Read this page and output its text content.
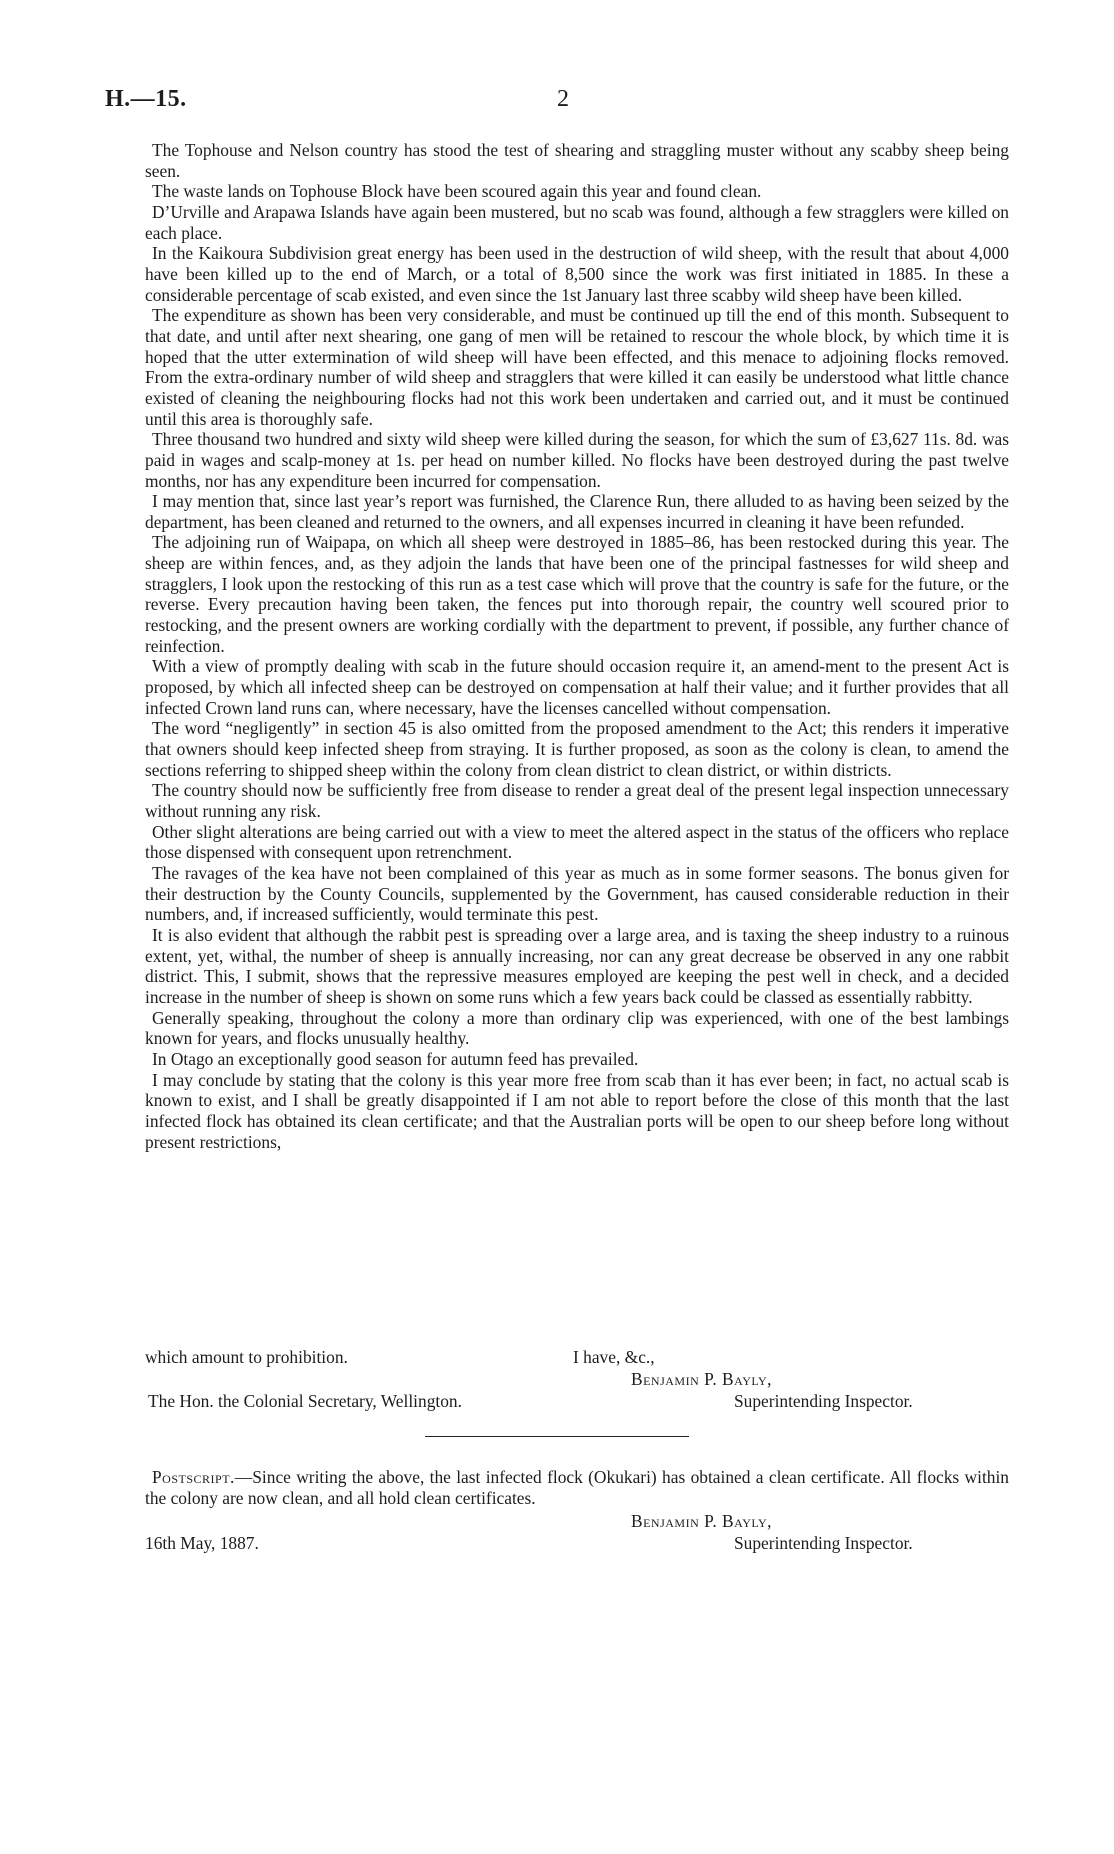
H.—15.	2

The Tophouse and Nelson country has stood the test of shearing and straggling muster without any scabby sheep being seen.

The waste lands on Tophouse Block have been scoured again this year and found clean.

D’Urville and Arapawa Islands have again been mustered, but no scab was found, although a few stragglers were killed on each place.

In the Kaikoura Subdivision great energy has been used in the destruction of wild sheep, with the result that about 4,000 have been killed up to the end of March, or a total of 8,500 since the work was first initiated in 1885. In these a considerable percentage of scab existed, and even since the 1st January last three scabby wild sheep have been killed.

The expenditure as shown has been very considerable, and must be continued up till the end of this month. Subsequent to that date, and until after next shearing, one gang of men will be retained to rescour the whole block, by which time it is hoped that the utter extermination of wild sheep will have been effected, and this menace to adjoining flocks removed. From the extra-ordinary number of wild sheep and stragglers that were killed it can easily be understood what little chance existed of cleaning the neighbouring flocks had not this work been undertaken and carried out, and it must be continued until this area is thoroughly safe.

Three thousand two hundred and sixty wild sheep were killed during the season, for which the sum of £3,627 11s. 8d. was paid in wages and scalp-money at 1s. per head on number killed. No flocks have been destroyed during the past twelve months, nor has any expenditure been incurred for compensation.

I may mention that, since last year’s report was furnished, the Clarence Run, there alluded to as having been seized by the department, has been cleaned and returned to the owners, and all expenses incurred in cleaning it have been refunded.

The adjoining run of Waipapa, on which all sheep were destroyed in 1885–86, has been restocked during this year. The sheep are within fences, and, as they adjoin the lands that have been one of the principal fastnesses for wild sheep and stragglers, I look upon the restocking of this run as a test case which will prove that the country is safe for the future, or the reverse. Every precaution having been taken, the fences put into thorough repair, the country well scoured prior to restocking, and the present owners are working cordially with the department to prevent, if possible, any further chance of reinfection.

With a view of promptly dealing with scab in the future should occasion require it, an amend-ment to the present Act is proposed, by which all infected sheep can be destroyed on compensation at half their value; and it further provides that all infected Crown land runs can, where necessary, have the licenses cancelled without compensation.

The word “negligently” in section 45 is also omitted from the proposed amendment to the Act; this renders it imperative that owners should keep infected sheep from straying. It is further proposed, as soon as the colony is clean, to amend the sections referring to shipped sheep within the colony from clean district to clean district, or within districts.

The country should now be sufficiently free from disease to render a great deal of the present legal inspection unnecessary without running any risk.

Other slight alterations are being carried out with a view to meet the altered aspect in the status of the officers who replace those dispensed with consequent upon retrenchment.

The ravages of the kea have not been complained of this year as much as in some former seasons. The bonus given for their destruction by the County Councils, supplemented by the Government, has caused considerable reduction in their numbers, and, if increased sufficiently, would terminate this pest.

It is also evident that although the rabbit pest is spreading over a large area, and is taxing the sheep industry to a ruinous extent, yet, withal, the number of sheep is annually increasing, nor can any great decrease be observed in any one rabbit district. This, I submit, shows that the repressive measures employed are keeping the pest well in check, and a decided increase in the number of sheep is shown on some runs which a few years back could be classed as essentially rabbitty.

Generally speaking, throughout the colony a more than ordinary clip was experienced, with one of the best lambings known for years, and flocks unusually healthy.

In Otago an exceptionally good season for autumn feed has prevailed.

I may conclude by stating that the colony is this year more free from scab than it has ever been; in fact, no actual scab is known to exist, and I shall be greatly disappointed if I am not able to report before the close of this month that the last infected flock has obtained its clean certificate; and that the Australian ports will be open to our sheep before long without present restrictions,

which amount to prohibition.	I have, &c.,
Benjamin P. Bayly,
The Hon. the Colonial Secretary, Wellington.	Superintending Inspector.

Postscript.—Since writing the above, the last infected flock (Okukari) has obtained a clean certificate. All flocks within the colony are now clean, and all hold clean certificates.

Benjamin P. Bayly,
16th May, 1887.	Superintending Inspector.
